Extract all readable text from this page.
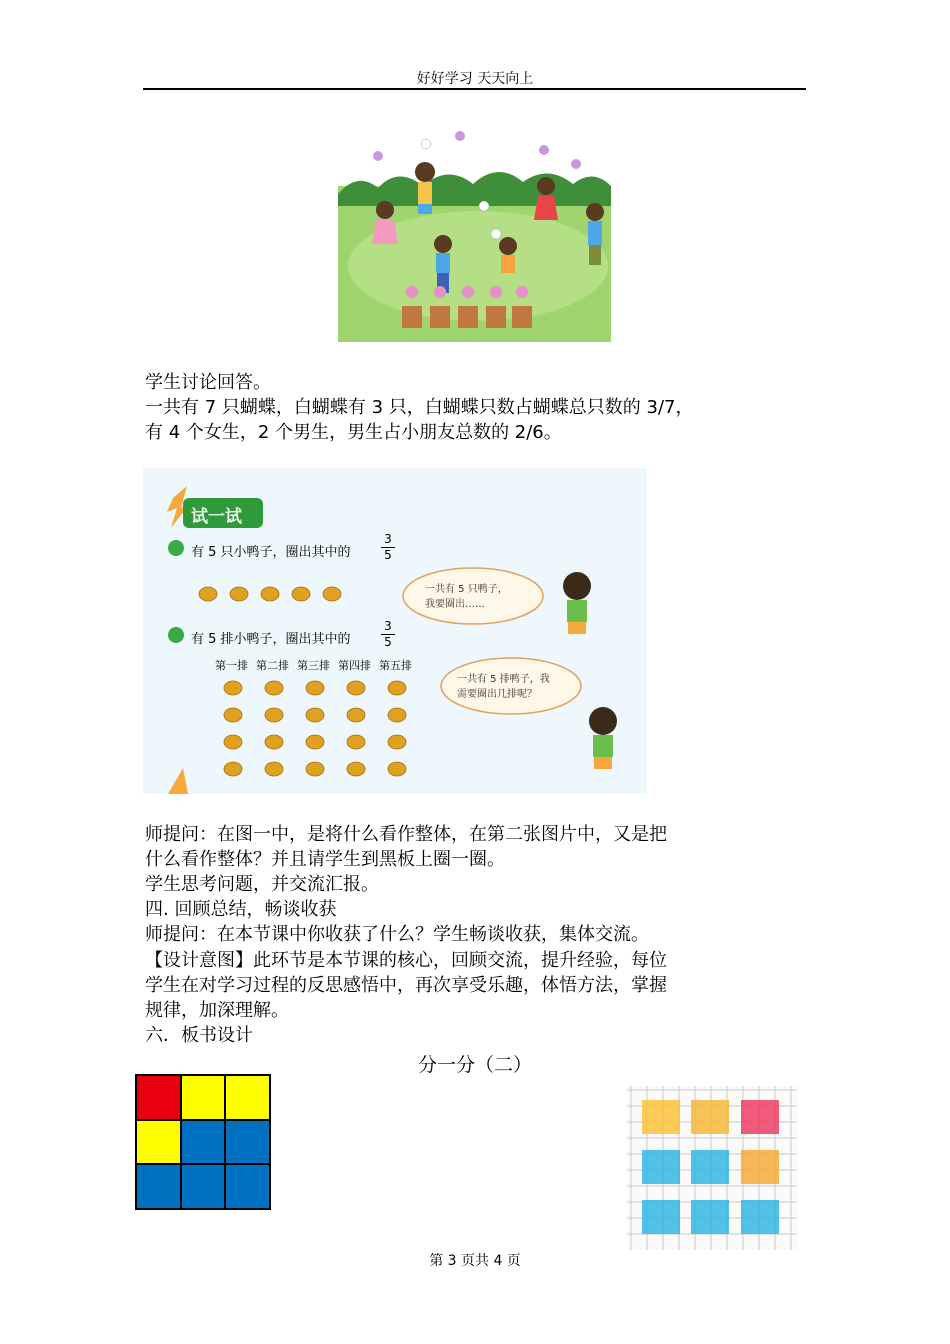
好好学习 天天向上
学生讨论回答。
一共有 7 只蝴蝶，白蝴蝶有 3 只，白蝴蝶只数占蝴蝶总只数的 3/7，
有 4 个女生，2 个男生，男生占小朋友总数的 2/6。
试一试
有 5 只小鸭子，圈出其中的	$\frac{3}{5}$
有 5 排小鸭子，圈出其中的	$\frac{3}{5}$
一共有 5 只鸭子，
我要圈出……
一共有 5 排鸭子，我
需要圈出几排呢？
第一排 第二排 第三排 第四排 第五排
师提问：在图一中，是将什么看作整体，在第二张图片中，又是把
什么看作整体？并且请学生到黑板上圈一圈。
学生思考问题，并交流汇报。
四. 回顾总结，畅谈收获
师提问：在本节课中你收获了什么？学生畅谈收获，集体交流。
【设计意图】此环节是本节课的核心，回顾交流，提升经验，每位
学生在对学习过程的反思感悟中，再次享受乐趣，体悟方法，掌握
规律，加深理解。
六．板书设计
分一分（二）
第 3 页共 4 页
